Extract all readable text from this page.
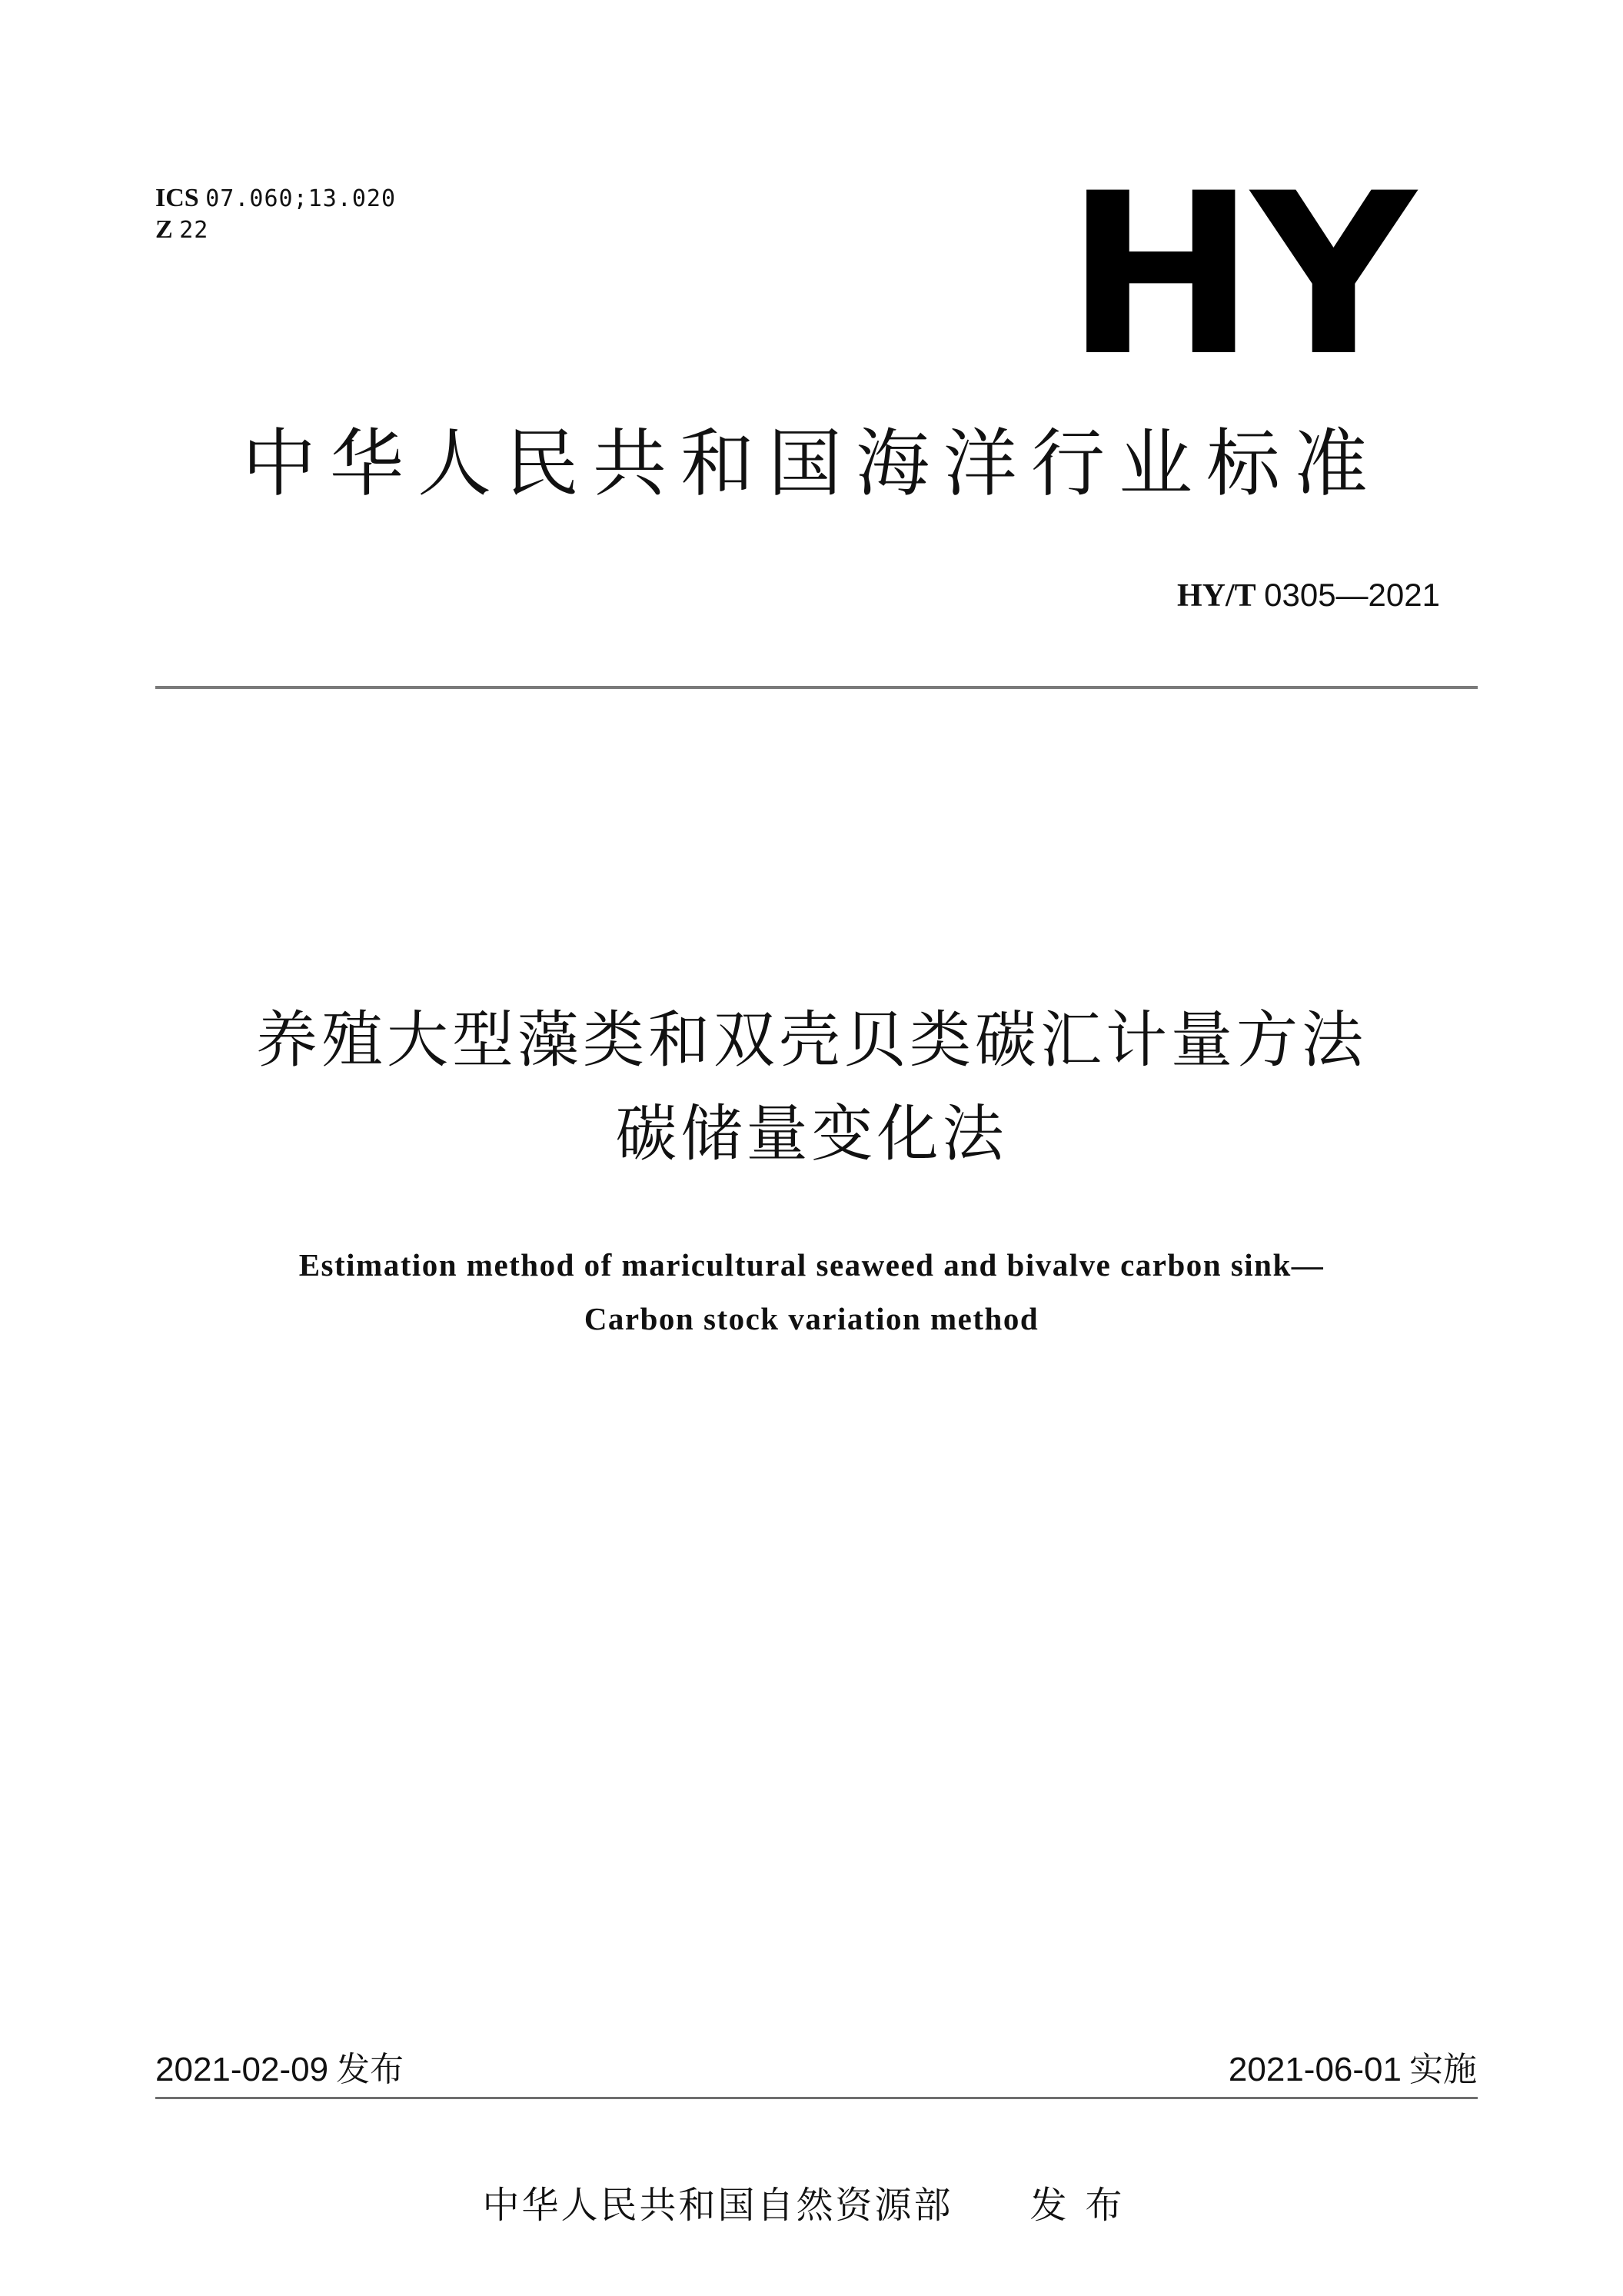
ICS 07.060;13.020
Z 22	HY
中华人民共和国海洋行业标准
HY/T 0305—2021
养殖大型藻类和双壳贝类碳汇计量方法
碳储量变化法
Estimation method of maricultural seaweed and bivalve carbon sink—
Carbon stock variation method
2021-02-09 发布	2021-06-01 实施
中华人民共和国自然资源部 发布
